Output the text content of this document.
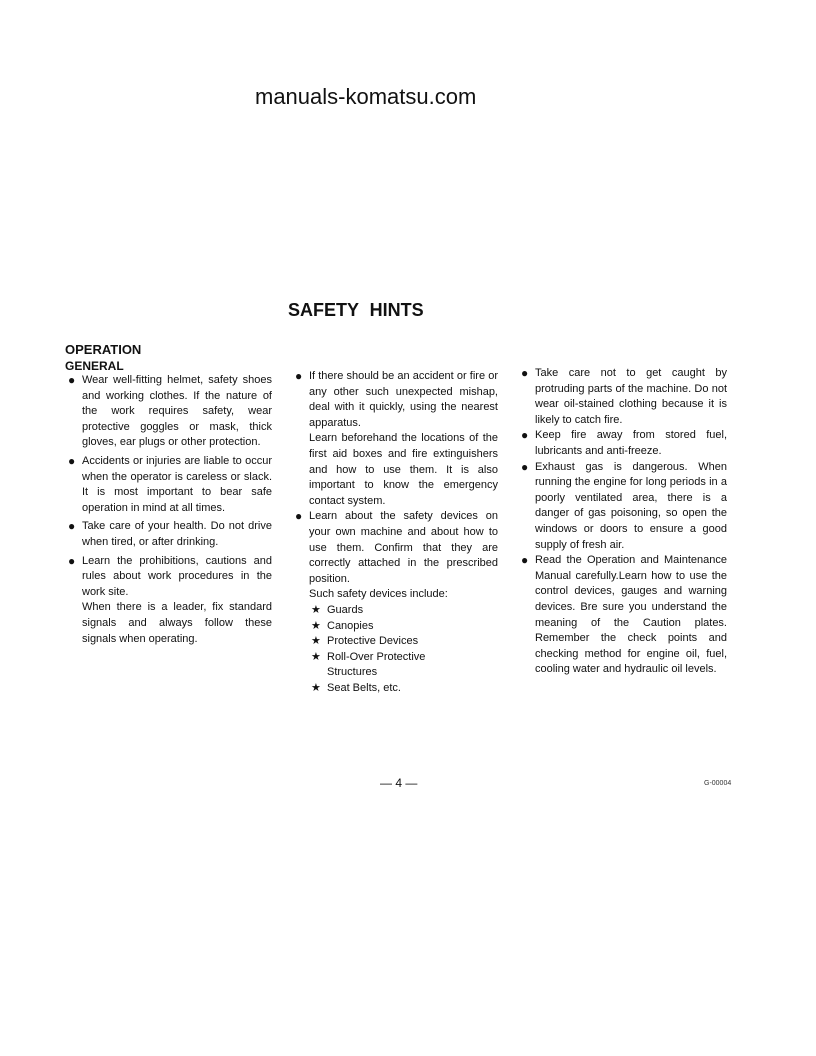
manuals-komatsu.com
SAFETY HINTS
OPERATION
GENERAL

● Wear well-fitting helmet, safety shoes and working clothes. If the nature of the work requires safety, wear protective goggles or mask, thick gloves, ear plugs or other protection.

● Accidents or injuries are liable to occur when the operator is careless or slack. It is most important to bear safe operation in mind at all times.

● Take care of your health. Do not drive when tired, or after drinking.

● Learn the prohibitions, cautions and rules about work procedures in the work site.

When there is a leader, fix standard signals and always follow these signals when operating.

● If there should be an accident or fire or any other such unexpected mishap, deal with it quickly, using the nearest apparatus.

Learn beforehand the locations of the first aid boxes and fire extinguishers and how to use them. It is also important to know the emergency contact system.

● Learn about the safety devices on your own machine and about how to use them. Confirm that they are correctly attached in the prescribed position.

Such safety devices include:

★ Guards

★ Canopies

★ Protective Devices

★ Roll-Over Protective

Structures

★ Seat Belts, etc.

● Take care not to get caught by protruding parts of the machine. Do not wear oil-stained clothing because it is likely to catch fire.

● Keep fire away from stored fuel, lubricants and anti-freeze.

● Exhaust gas is dangerous. When running the engine for long periods in a poorly ventilated area, there is a danger of gas poisoning, so open the windows or doors to ensure a good supply of fresh air.

● Read the Operation and Maintenance Manual carefully.Learn how to use the control devices, gauges and warning devices. Bre sure you understand the meaning of the Caution plates. Remember the check points and checking method for engine oil, fuel, cooling water and hydraulic oil levels.

— 4 —	G-00004
